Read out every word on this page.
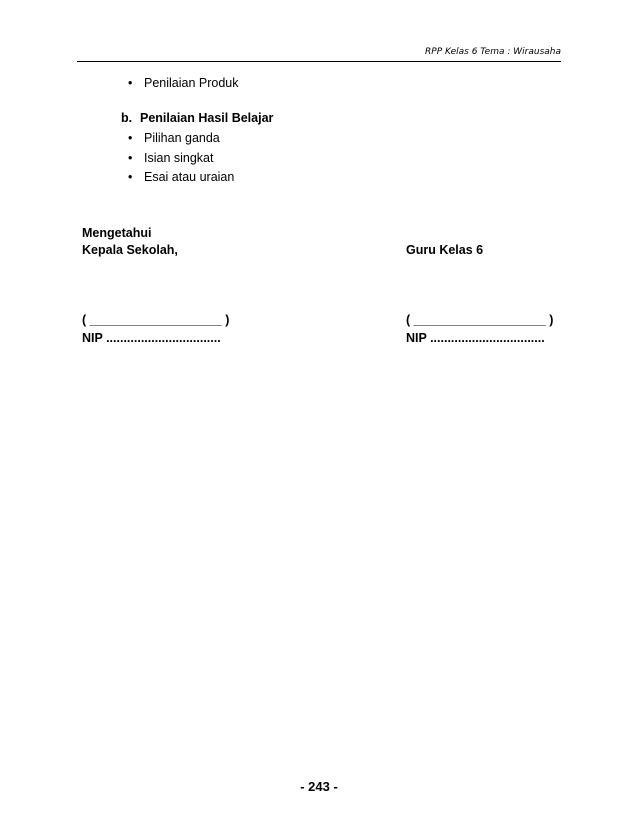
RPP Kelas 6 Tema : Wirausaha
• Penilaian Produk
b. Penilaian Hasil Belajar
• Pilihan ganda
• Isian singkat
• Esai atau uraian
Mengetahui
Kepala Sekolah,
( ___________________ )
NIP .................................
Guru Kelas 6
( ___________________ )
NIP .................................
- 243 -
